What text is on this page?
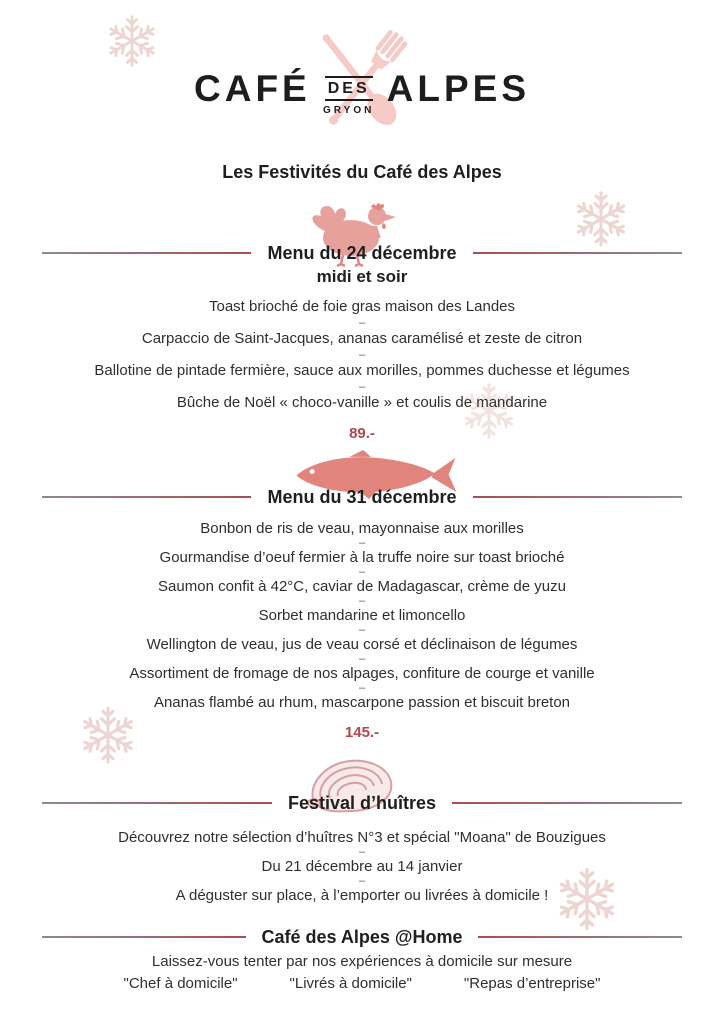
CAFÉ DES
GRYON
ALPES
Les Festivités du Café des Alpes
Menu du 24 décembre
midi et soir
Toast brioché de foie gras maison des Landes
–
Carpaccio de Saint-Jacques, ananas caramélisé et zeste de citron
–
Ballotine de pintade fermière, sauce aux morilles, pommes duchesse et légumes
–
Bûche de Noël « choco-vanille » et coulis de mandarine
89.-
Menu du 31 décembre
Bonbon de ris de veau, mayonnaise aux morilles
–
Gourmandise d’oeuf fermier à la truffe noire sur toast brioché
–
Saumon confit à 42°C, caviar de Madagascar, crème de yuzu
–
Sorbet mandarine et limoncello
–
Wellington de veau, jus de veau corsé et déclinaison de légumes
–
Assortiment de fromage de nos alpages, confiture de courge et vanille
–
Ananas flambé au rhum, mascarpone passion et biscuit breton
145.-
Festival d’huîtres
Découvrez notre sélection d’huîtres N°3 et spécial "Moana" de Bouzigues
–
Du 21 décembre au 14 janvier
–
A déguster sur place, à l’emporter ou livrées à domicile !
Café des Alpes @Home
Laissez-vous tenter par nos expériences à domicile sur mesure
"Chef à domicile"	"Livrés à domicile"	"Repas d’entreprise"
